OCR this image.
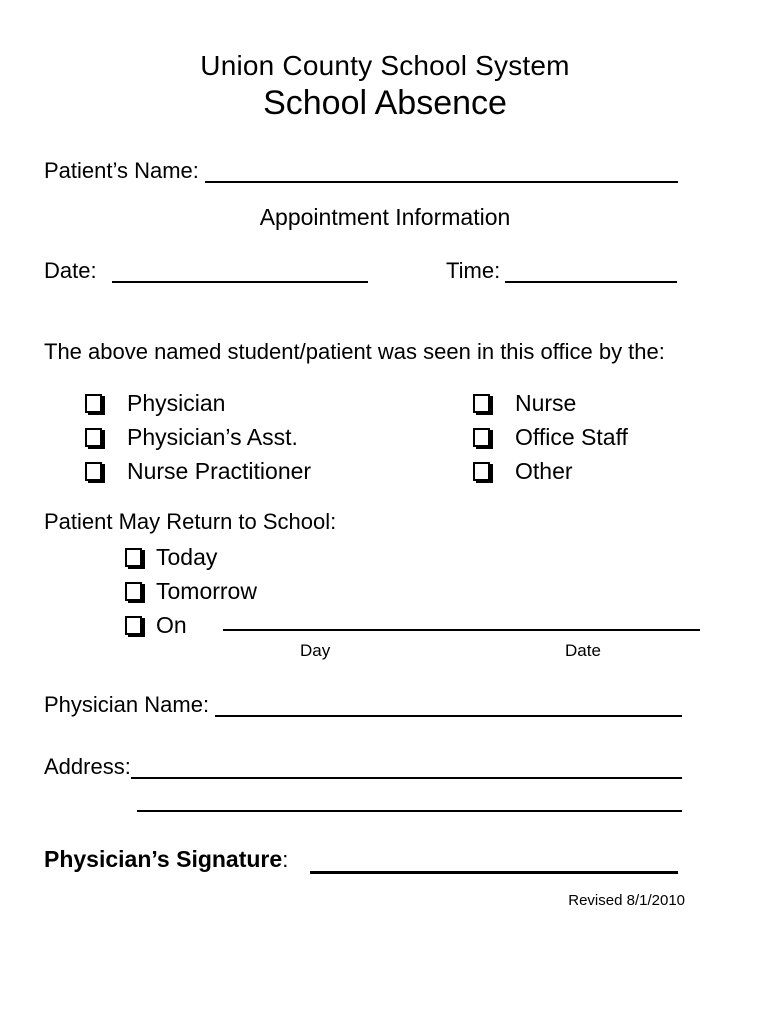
Union County School System
School Absence
Patient’s Name:
Appointment Information
Date:	Time:
The above named student/patient was seen in this office by the:
Physician
Physician’s Asst.
Nurse Practitioner
Nurse
Office Staff
Other
Patient May Return to School:
Today
Tomorrow
On
Day	Date
Physician Name:
Address:
Physician’s Signature:
Revised 8/1/2010
